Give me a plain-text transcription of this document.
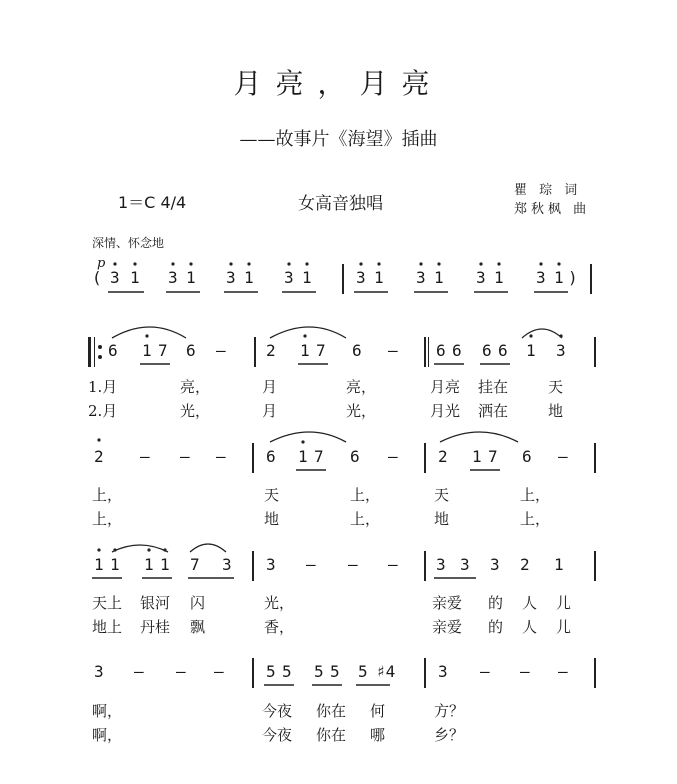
月亮，月亮
——故事片《海望》插曲
1＝C 4/4	女高音独唱
瞿 琮 词
郑秋枫 曲
深情、怀念地
p
( 3 1 3 1 3 1 3 1	3 1 3 1 3 1 3 1 )
6 1 7 6 —	2 1 7 6 — 6 6 6 6 1 3
1.月	亮，	月	亮，	月亮 挂在	天
2.月	光，	月	光，	月光 洒在	地
2 — — —	6 1 7 6 —	2 1 7 6 —
上，	天	上，	天	上，
上，	地	上，	地	上，
1 1 1 1 7 3 3 — — — 3 3 3 2 1
天上 银河 闪	光，	亲爱 的 人 儿
地上 丹桂 飘	香，	亲爱 的 人 儿
3 — — —	5 5 5 5 5 ♯4	3 — — —
啊，	今夜 你在 何	方？
啊，	今夜 你在 哪	乡？
